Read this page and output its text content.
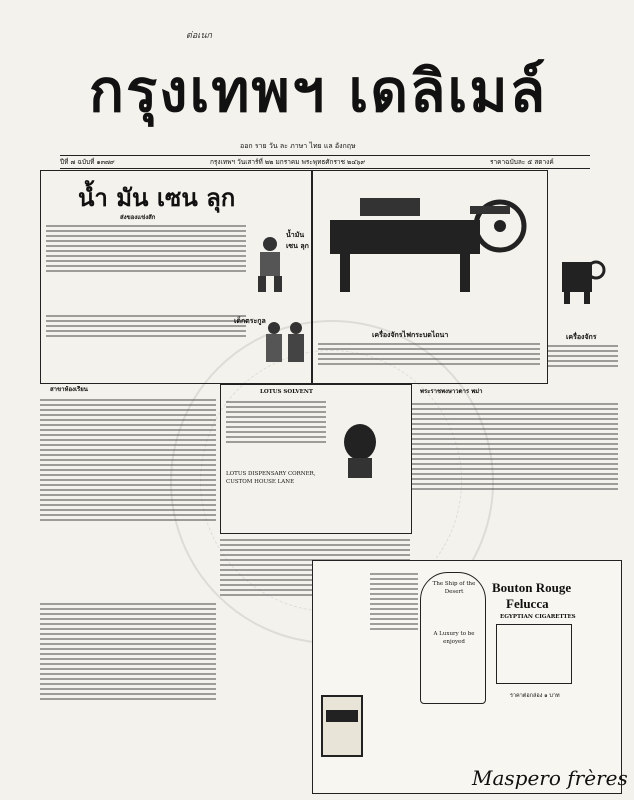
ต่อเนก
กรุงเทพฯ เดลิเมล์
ออก ราย วัน ละ ภาษา ไทย แล อังกฤษ
ปีที่ ๗ ฉบับที่ ๑๓๗๙	กรุงเทพฯ วันเสาร์ที่ ๒๒ มกราคม พระพุทธศักราช ๒๔๖๙	ราคาฉบับละ ๕ สตางค์
น้ำ มัน เซน ลุก
ส่งของแข่งสัก
น้ำมัน เซน ลุก
เด็กตระกูล
เครื่องจักรไฟกระบดไถนา	เครื่องจักร
สาขาห้องเรียน	LOTUS SOLVENT
LOTUS DISPENSARY CORNER, CUSTOM HOUSE LANE
พระราชพงษาวดาร พม่า
The Ship of the Desert
A Luxury to be enjoyed
Bouton Rouge
Felucca
EGYPTIAN CIGARETTES
ราคาต่อกล่อง ๑ บาท
Maspero frères
